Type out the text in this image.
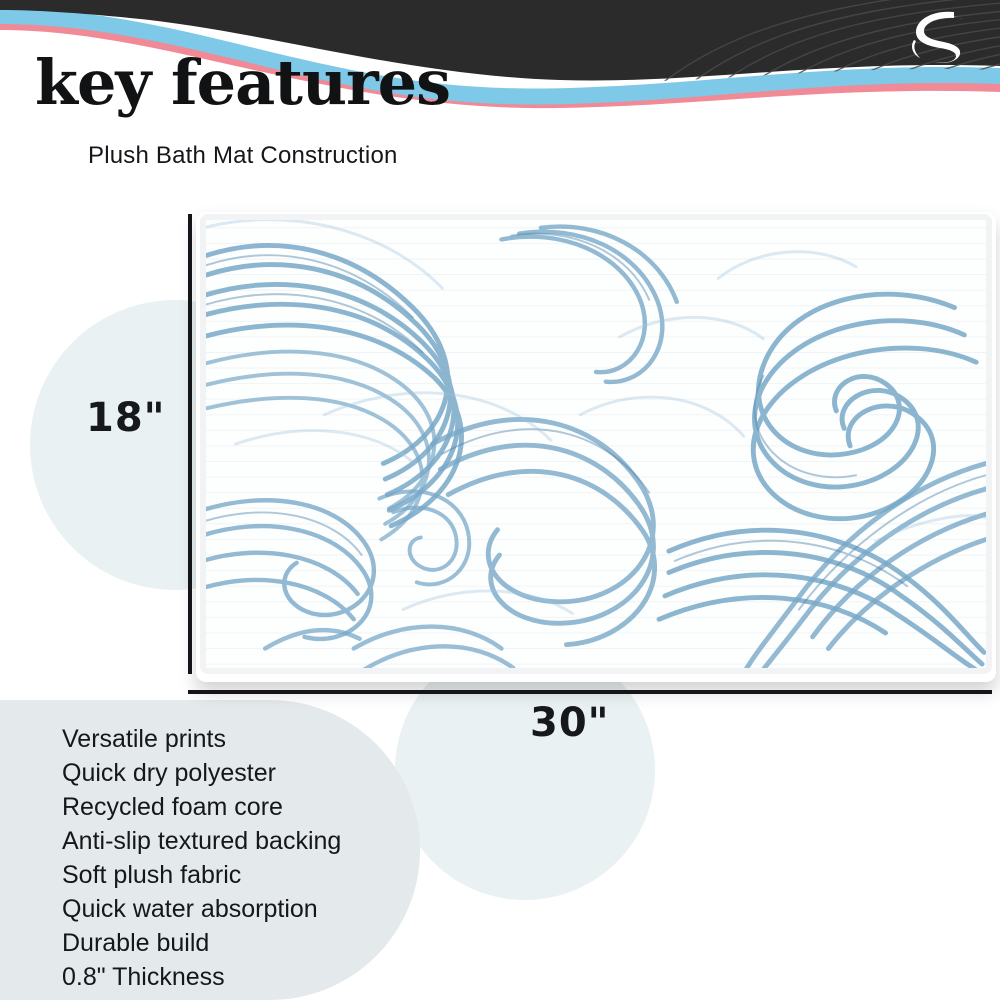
key features
Plush Bath Mat Construction
18"
30"
Versatile prints
Quick dry polyester
Recycled foam core
Anti-slip textured backing
Soft plush fabric
Quick water absorption
Durable build
0.8" Thickness
